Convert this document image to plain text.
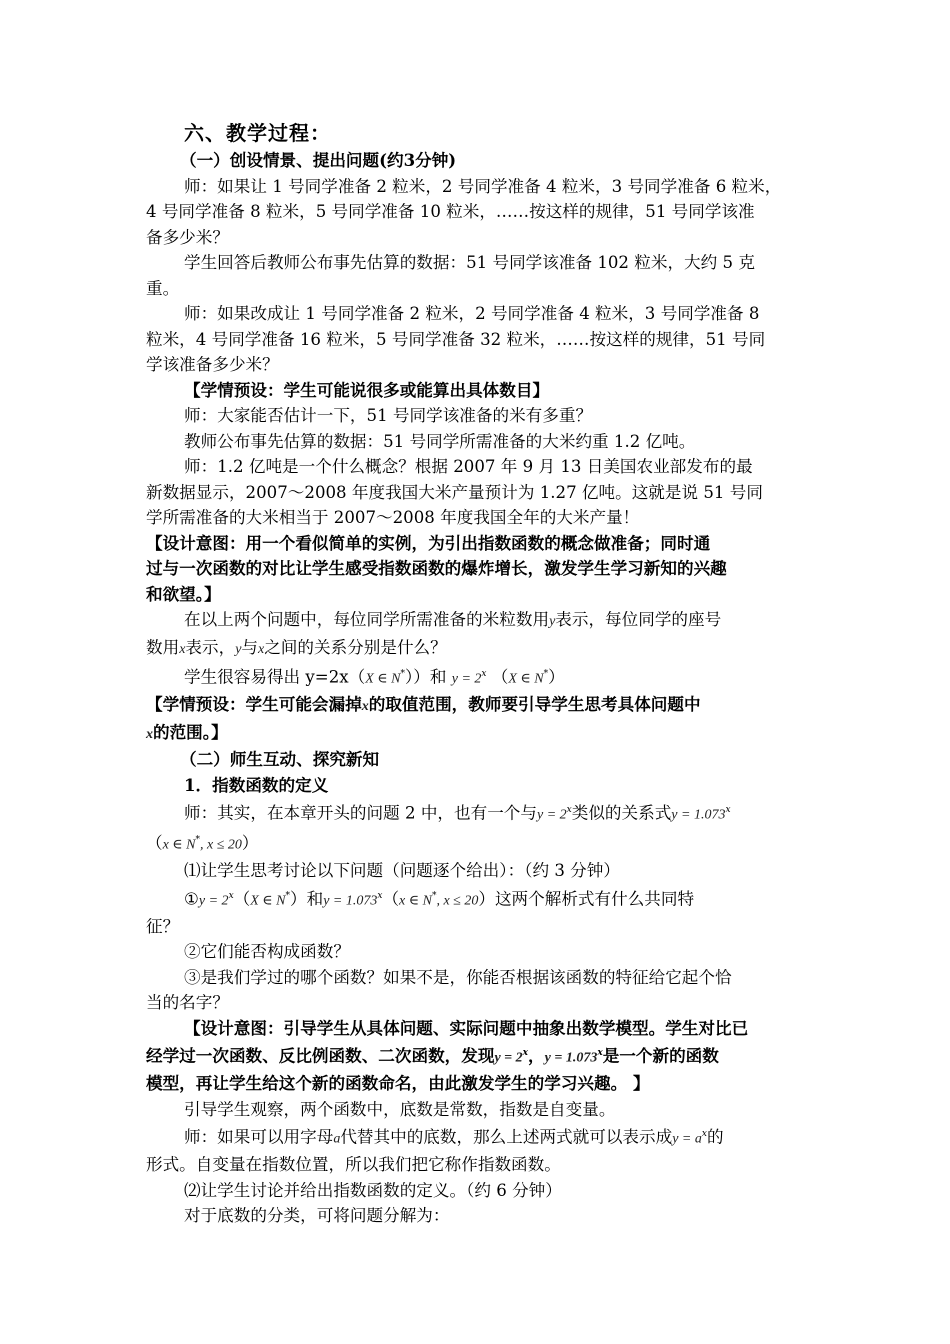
六、教学过程：
（一）创设情景、提出问题(约3分钟)
师：如果让 1 号同学准备 2 粒米，2 号同学准备 4 粒米，3 号同学准备 6 粒米，
4 号同学准备 8 粒米，5 号同学准备 10 粒米，……按这样的规律，51 号同学该准
备多少米？
学生回答后教师公布事先估算的数据：51 号同学该准备 102 粒米，大约 5 克
重。
师：如果改成让 1 号同学准备 2 粒米，2 号同学准备 4 粒米，3 号同学准备 8
粒米，4 号同学准备 16 粒米，5 号同学准备 32 粒米，……按这样的规律，51 号同
学该准备多少米？
【学情预设：学生可能说很多或能算出具体数目】
师：大家能否估计一下，51 号同学该准备的米有多重？
教师公布事先估算的数据：51 号同学所需准备的大米约重 1.2 亿吨。
师：1.2 亿吨是一个什么概念？根据 2007 年 9 月 13 日美国农业部发布的最
新数据显示，2007～2008 年度我国大米产量预计为 1.27 亿吨。这就是说 51 号同
学所需准备的大米相当于 2007～2008 年度我国全年的大米产量！
【设计意图：用一个看似简单的实例，为引出指数函数的概念做准备；同时通
过与一次函数的对比让学生感受指数函数的爆炸增长，激发学生学习新知的兴趣
和欲望。】
在以上两个问题中，每位同学所需准备的米粒数用y表示，每位同学的座号
数用x表示，y与x之间的关系分别是什么？
学生很容易得出 y=2x（X ∈ N*））和 $y = 2^x$ （X ∈ N*）
【学情预设：学生可能会漏掉x的取值范围，教师要引导学生思考具体问题中
x的范围。】
（二）师生互动、探究新知
1．指数函数的定义
师：其实，在本章开头的问题 2 中，也有一个与$y = 2^x$类似的关系式$y = 1.073^x$
（x ∈ N*, x ≤ 20）
⑴让学生思考讨论以下问题（问题逐个给出）：（约 3 分钟）
①y = $2^x(X$ ∈ N*）和$y = 1.073^x(x$ ∈ N*, x ≤ 20）这两个解析式有什么共同特
征？
②它们能否构成函数？
③是我们学过的哪个函数？如果不是，你能否根据该函数的特征给它起个恰
当的名字？
【设计意图：引导学生从具体问题、实际问题中抽象出数学模型。学生对比已
经学过一次函数、反比例函数、二次函数，发现$y = 2^x$，$y = 1.073^x$是一个新的函数
模型，再让学生给这个新的函数命名，由此激发学生的学习兴趣。 】
引导学生观察，两个函数中，底数是常数，指数是自变量。
师：如果可以用字母a代替其中的底数，那么上述两式就可以表示成$y = a^x$的
形式。自变量在指数位置，所以我们把它称作指数函数。
⑵让学生讨论并给出指数函数的定义。（约 6 分钟）
对于底数的分类，可将问题分解为：
